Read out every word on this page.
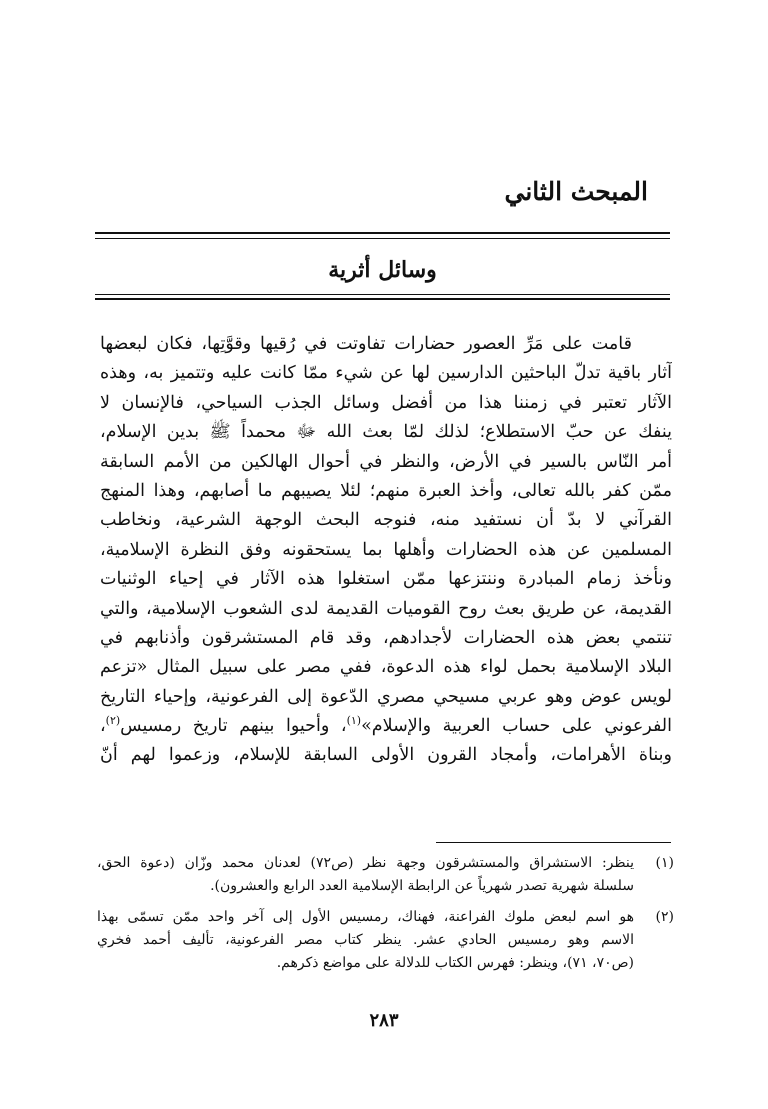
المبحث الثاني
وسائل أثرية
قامت على مَرِّ العصور حضارات تفاوتت في رُقيها وقوَّتِها، فكان لبعضها
آثار باقية تدلّ الباحثين الدارسين لها عن شيء ممّا كانت عليه وتتميز به، وهذه
الآثار تعتبر في زمننا هذا من أفضل وسائل الجذب السياحي، فالإنسان لا
ينفك عن حبّ الاستطلاع؛ لذلك لمّا بعث الله ﷻ محمداً ﷺ بدين الإسلام،
أمر النّاس بالسير في الأرض، والنظر في أحوال الهالكين من الأمم السابقة
ممّن كفر بالله تعالى، وأخذ العبرة منهم؛ لئلا يصيبهم ما أصابهم، وهذا المنهج
القرآني لا بدّ أن نستفيد منه، فنوجه البحث الوجهة الشرعية، ونخاطب
المسلمين عن هذه الحضارات وأهلها بما يستحقونه وفق النظرة الإسلامية،
ونأخذ زمام المبادرة وننتزعها ممّن استغلوا هذه الآثار في إحياء الوثنيات
القديمة، عن طريق بعث روح القوميات القديمة لدى الشعوب الإسلامية، والتي
تنتمي بعض هذه الحضارات لأجدادهم، وقد قام المستشرقون وأذنابهم في
البلاد الإسلامية بحمل لواء هذه الدعوة، ففي مصر على سبيل المثال «تزعم
لويس عوض وهو عربي مسيحي مصري الدّعوة إلى الفرعونية، وإحياء التاريخ
الفرعوني على حساب العربية والإسلام»$^{(١)}$، وأحيوا بينهم تاريخ رمسيس$^{(٢)}$،
وبناة الأهرامات، وأمجاد القرون الأولى السابقة للإسلام، وزعموا لهم أنّ
(١)
ينظر: الاستشراق والمستشرقون وجهة نظر (ص٧٢) لعدنان محمد وزّان (دعوة الحق،
سلسلة شهرية تصدر شهرياً عن الرابطة الإسلامية العدد الرابع والعشرون).
(٢)
هو اسم لبعض ملوك الفراعنة، فهناك، رمسيس الأول إلى آخر واحد ممّن تسمّى بهذا
الاسم وهو رمسيس الحادي عشر. ينظر كتاب مصر الفرعونية، تأليف أحمد فخري
(ص٧٠، ٧١)، وينظر: فهرس الكتاب للدلالة على مواضع ذكرهم.

٢٨٣
